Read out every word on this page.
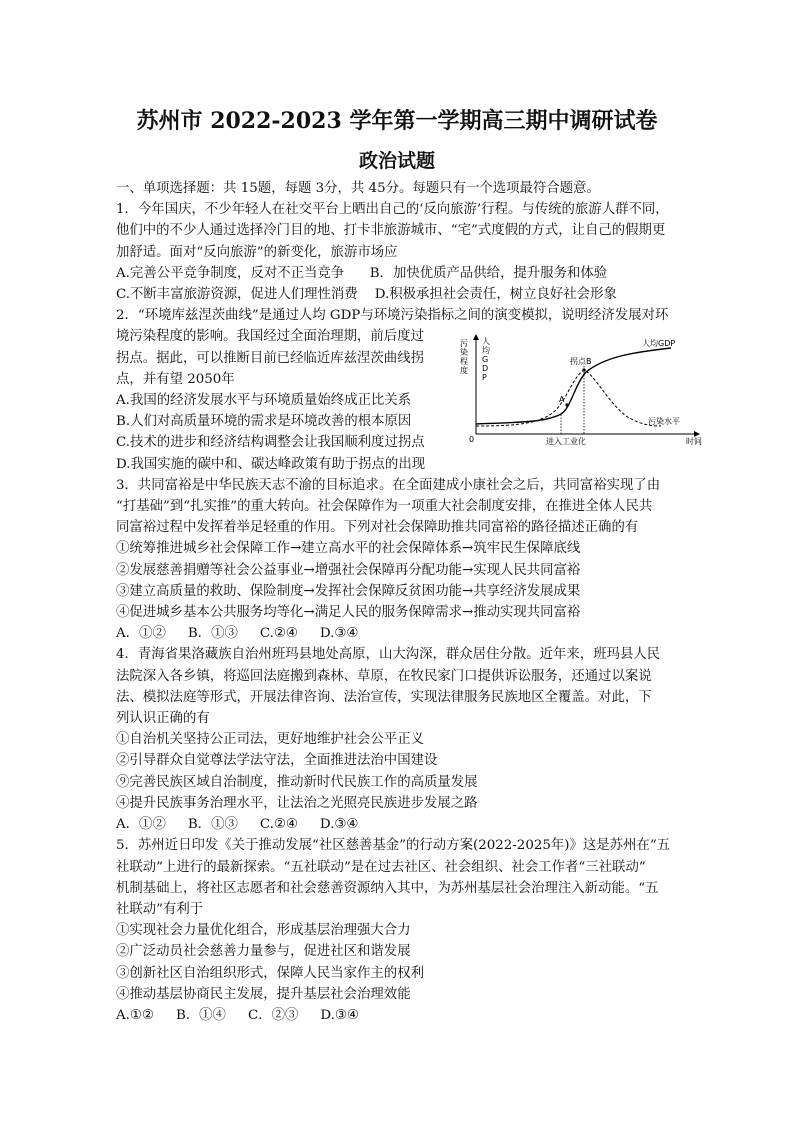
苏州市 2022-2023 学年第一学期高三期中调研试卷
政治试题

一、单项选择题：共 15题，每题 3分，共 45分。每题只有一个选项最符合题意。

1．今年国庆，不少年轻人在社交平台上晒出自己的‘反向旅游’行程。与传统的旅游人群不同，

他们中的不少人通过选择冷门目的地、打卡非旅游城市、“宅”式度假的方式，让自己的假期更

加舒适。面对“反向旅游”的新变化，旅游市场应

A.完善公平竞争制度，反对不正当竞争      B．加快优质产品供给，提升服务和体验

C.不断丰富旅游资源，促进人们理性消费    D.积极承担社会责任，树立良好社会形象

2．“环境库兹涅茨曲线”是通过人均 GDP与环境污染指标之间的演变模拟，说明经济发展对环

境污染程度的影响。我国经过全面治理期，前后度过

拐点。据此，可以推断目前已经临近库兹涅茨曲线拐

点，并有望 2050年

A.我国的经济发展水平与环境质量始终成正比关系

B.人们对高质量环境的需求是环境改善的根本原因

C.技术的进步和经济结构调整会让我国顺利度过拐点

D.我国实施的碳中和、碳达峰政策有助于拐点的出现

污染程度
人均 G D P
A
拐点B
人均GDP
污染水平
0	进入工业化	时间

3．共同富裕是中华民族天志不渝的目标追求。在全面建成小康社会之后，共同富裕实现了由

“打基础”到“扎实推”的重大转向。社会保障作为一项重大社会制度安排，在推进全体人民共

同富裕过程中发挥着举足轻重的作用。下列对社会保障助推共同富裕的路径描述正确的有

①统筹推进城乡社会保障工作→建立高水平的社会保障体系→筑牢民生保障底线

②发展慈善捐赠等社会公益事业→增强社会保障再分配功能→实现人民共同富裕

③建立高质量的救助、保险制度→发挥社会保障反贫困功能→共享经济发展成果

④促进城乡基本公共服务均等化→满足人民的服务保障需求→推动实现共同富裕

A．①② B．①③ C.②④ D.③④

4．青海省果洛藏族自治州班玛县地处高原，山大沟深，群众居住分散。近年来，班玛县人民

法院深入各乡镇，将巡回法庭搬到森林、草原，在牧民家门口提供诉讼服务，还通过以案说

法、模拟法庭等形式，开展法律咨询、法治宣传，实现法律服务民族地区全覆盖。对此，下

列认识正确的有

①自治机关坚持公正司法，更好地维护社会公平正义

②引导群众自觉尊法学法守法，全面推进法治中国建设

⑨完善民族区域自治制度，推动新时代民族工作的高质量发展

④提升民族事务治理水平，让法治之光照亮民族进步发展之路

A．①② B．①③ C.②④ D.③④

5．苏州近日印发《关于推动发展“社区慈善基金”的行动方案(2022-2025年)》这是苏州在“五

社联动”上进行的最新探索。“五社联动”是在过去社区、社会组织、社会工作者“三社联动”

机制基础上，将社区志愿者和社会慈善资源纳入其中，为苏州基层社会治理注入新动能。“五

社联动”有利于

①实现社会力量优化组合，形成基层治理强大合力

②广泛动员社会慈善力量参与，促进社区和谐发展

③创新社区自治组织形式，保障人民当家作主的权利

④推动基层协商民主发展，提升基层社会治理效能

A.①② B．①④ C．②③ D.③④
